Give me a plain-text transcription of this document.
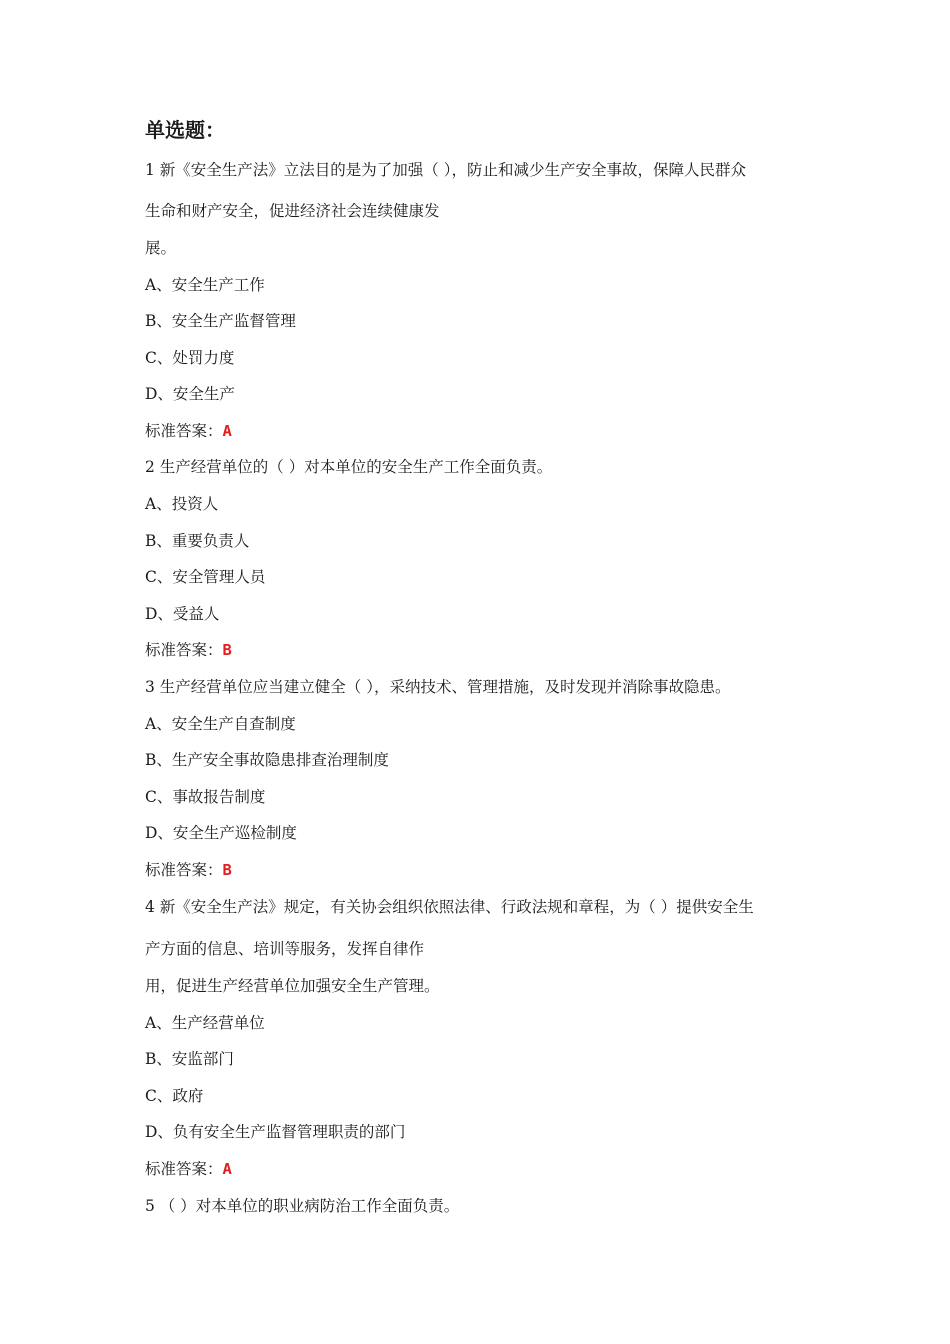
单选题：
1 新《安全生产法》立法目的是为了加强（ ），防止和减少生产安全事故，保障人民群众
生命和财产安全，促进经济社会连续健康发
展。
A、安全生产工作
B、安全生产监督管理
C、处罚力度
D、安全生产
标准答案：A
2 生产经营单位的（ ）对本单位的安全生产工作全面负责。
A、投资人
B、重要负责人
C、安全管理人员
D、受益人
标准答案：B
3 生产经营单位应当建立健全（ ），采纳技术、管理措施，及时发现并消除事故隐患。
A、安全生产自查制度
B、生产安全事故隐患排查治理制度
C、事故报告制度
D、安全生产巡检制度
标准答案：B
4 新《安全生产法》规定，有关协会组织依照法律、行政法规和章程，为（ ）提供安全生
产方面的信息、培训等服务，发挥自律作
用，促进生产经营单位加强安全生产管理。
A、生产经营单位
B、安监部门
C、政府
D、负有安全生产监督管理职责的部门
标准答案：A
5 （ ）对本单位的职业病防治工作全面负责。
